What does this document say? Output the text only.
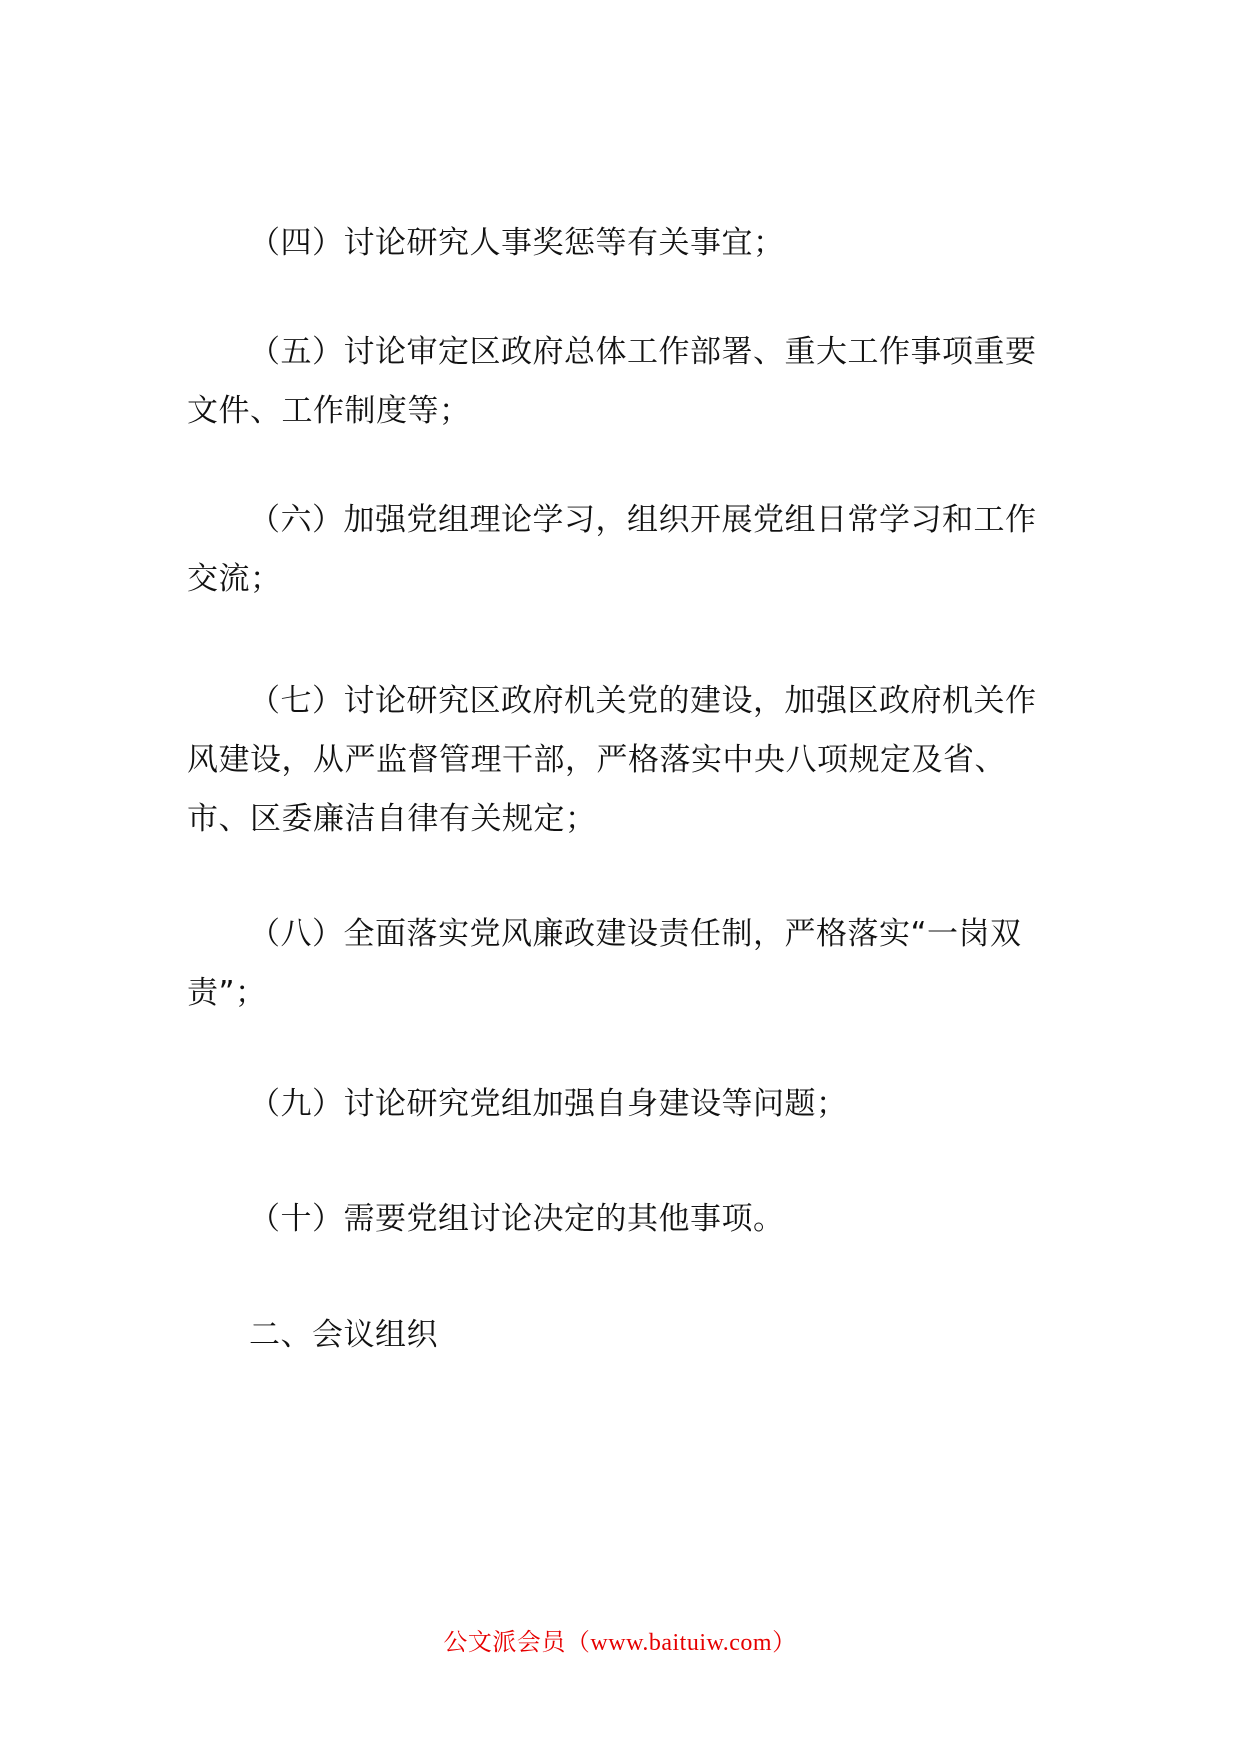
（四）讨论研究人事奖惩等有关事宜；

（五）讨论审定区政府总体工作部署、重大工作事项重要文件、工作制度等；

（六）加强党组理论学习，组织开展党组日常学习和工作交流；

（七）讨论研究区政府机关党的建设，加强区政府机关作风建设，从严监督管理干部，严格落实中央八项规定及省、市、区委廉洁自律有关规定；

（八）全面落实党风廉政建设责任制，严格落实“一岗双责”；

（九）讨论研究党组加强自身建设等问题；

（十）需要党组讨论决定的其他事项。

二、会议组织

公文派会员（www.baituiw.com）
